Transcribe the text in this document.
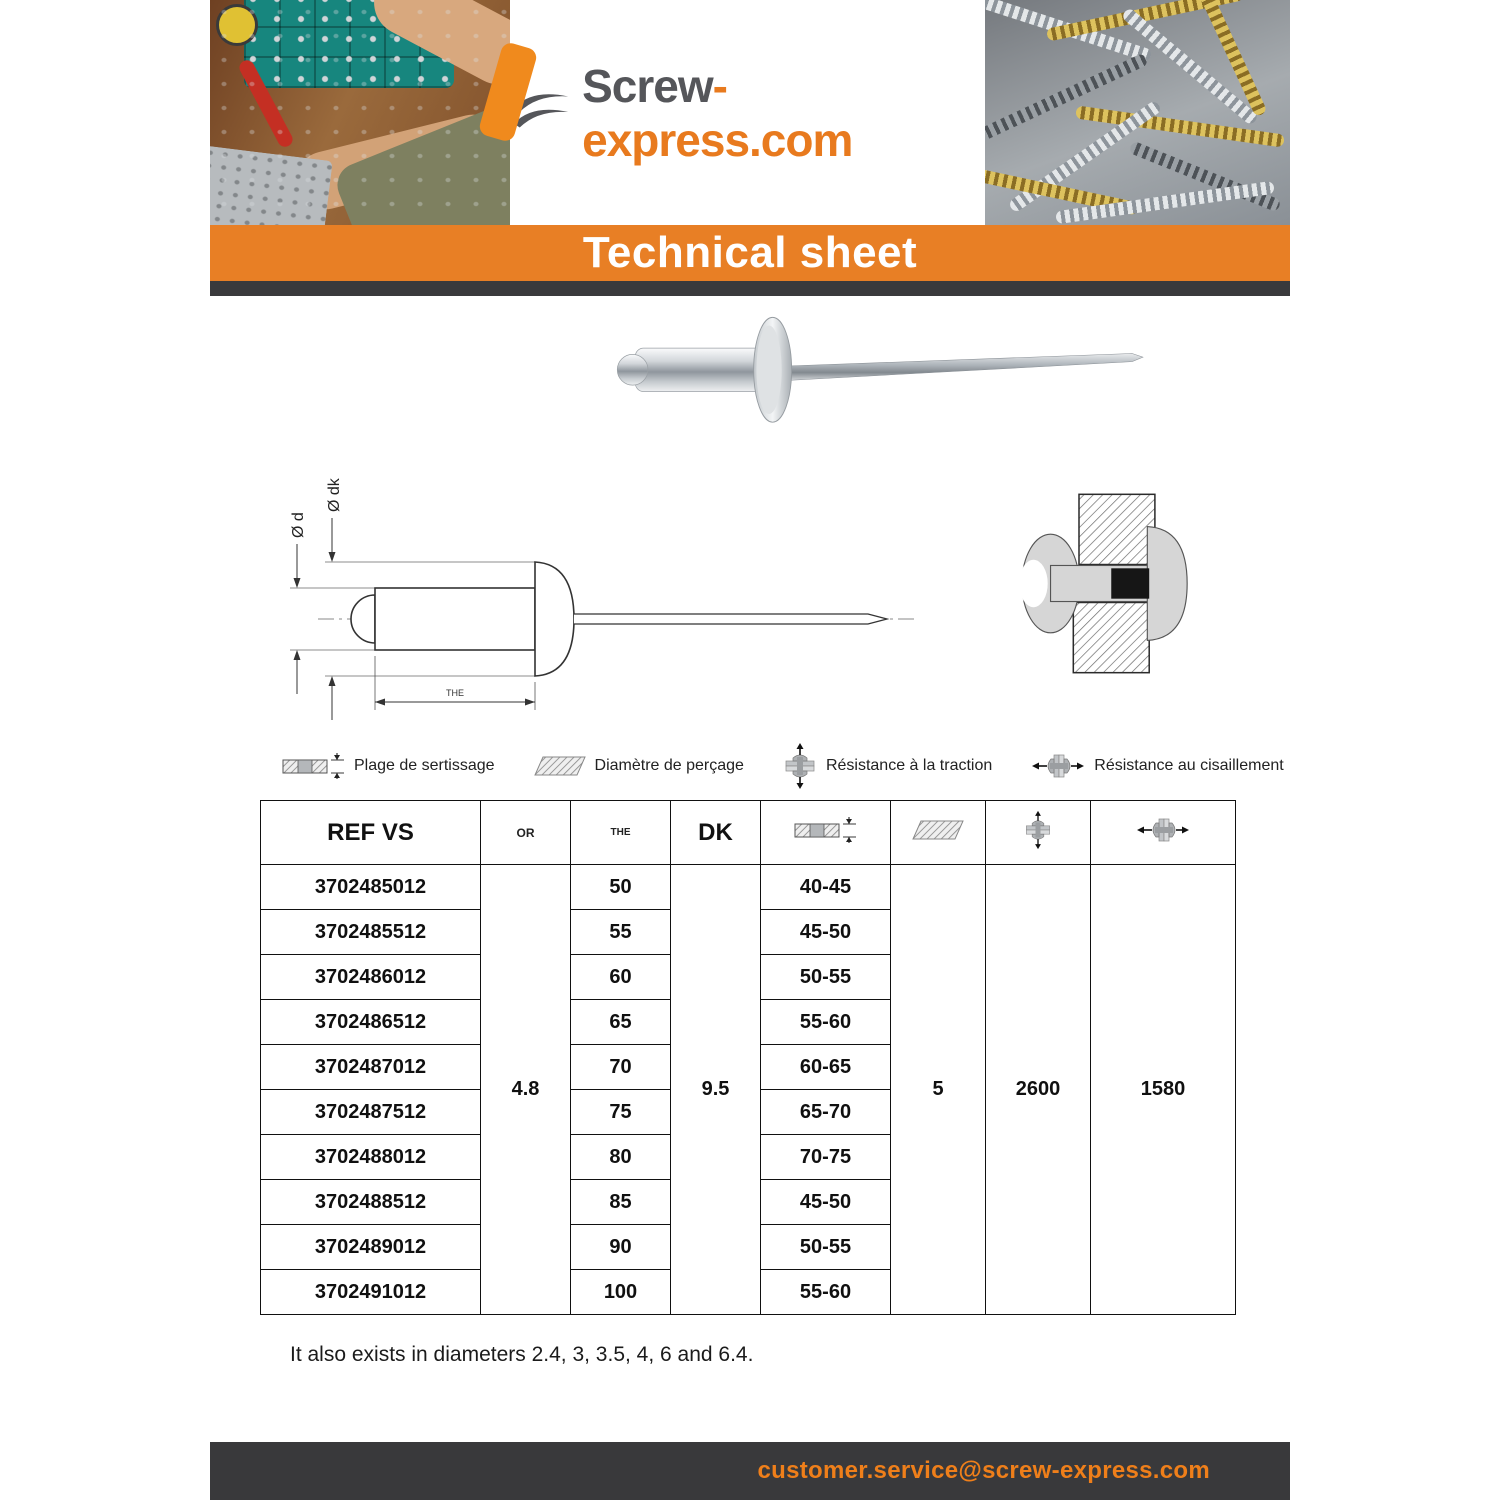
Screw-express.com
Technical sheet
Ø d
Ø dk
THE
Plage de sertissage	Diamètre de perçage	Résistance à la traction	Résistance au cisaillement
REF VS	OR	THE	DK				
3702485012	4.8	50	9.5	40-45	5	2600	1580
3702485512		55		45-50			
3702486012		60		50-55			
3702486512		65		55-60			
3702487012		70		60-65			
3702487512		75		65-70			
3702488012		80		70-75			
3702488512		85		45-50			
3702489012		90		50-55			
3702491012		100		55-60			

It also exists in diameters 2.4, 3, 3.5, 4, 6 and 6.4.

customer.service@screw-express.com
